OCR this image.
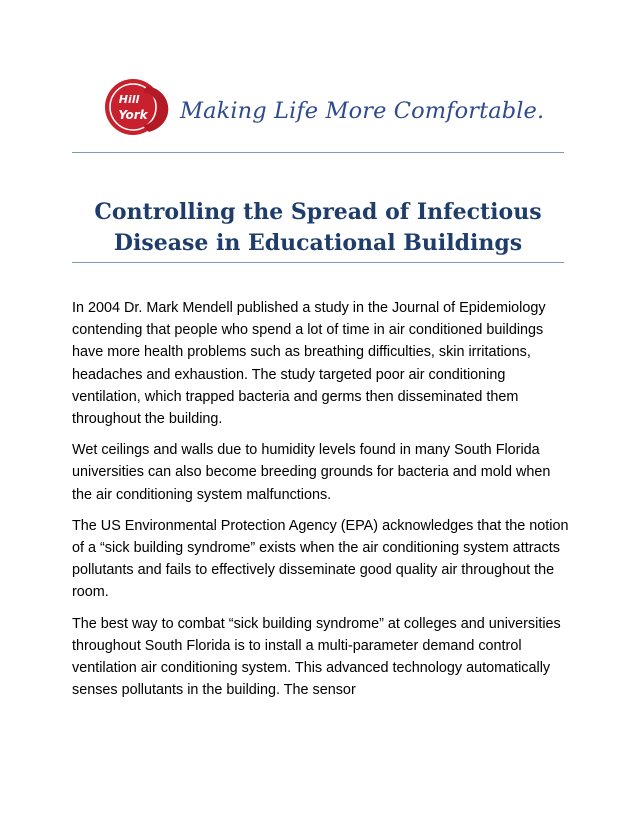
Hill
York Making Life More Comfortable.
Controlling the Spread of Infectious Disease in Educational Buildings

In 2004 Dr. Mark Mendell published a study in the Journal of Epidemiology contending that people who spend a lot of time in air conditioned buildings have more health problems such as breathing difficulties, skin irritations, headaches and exhaustion. The study targeted poor air conditioning ventilation, which trapped bacteria and germs then disseminated them throughout the building.

Wet ceilings and walls due to humidity levels found in many South Florida universities can also become breeding grounds for bacteria and mold when the air conditioning system malfunctions.

The US Environmental Protection Agency (EPA) acknowledges that the notion of a “sick building syndrome” exists when the air conditioning system attracts pollutants and fails to effectively disseminate good quality air throughout the room.

The best way to combat “sick building syndrome” at colleges and universities throughout South Florida is to install a multi-parameter demand control ventilation air conditioning system. This advanced technology automatically senses pollutants in the building. The sensor
